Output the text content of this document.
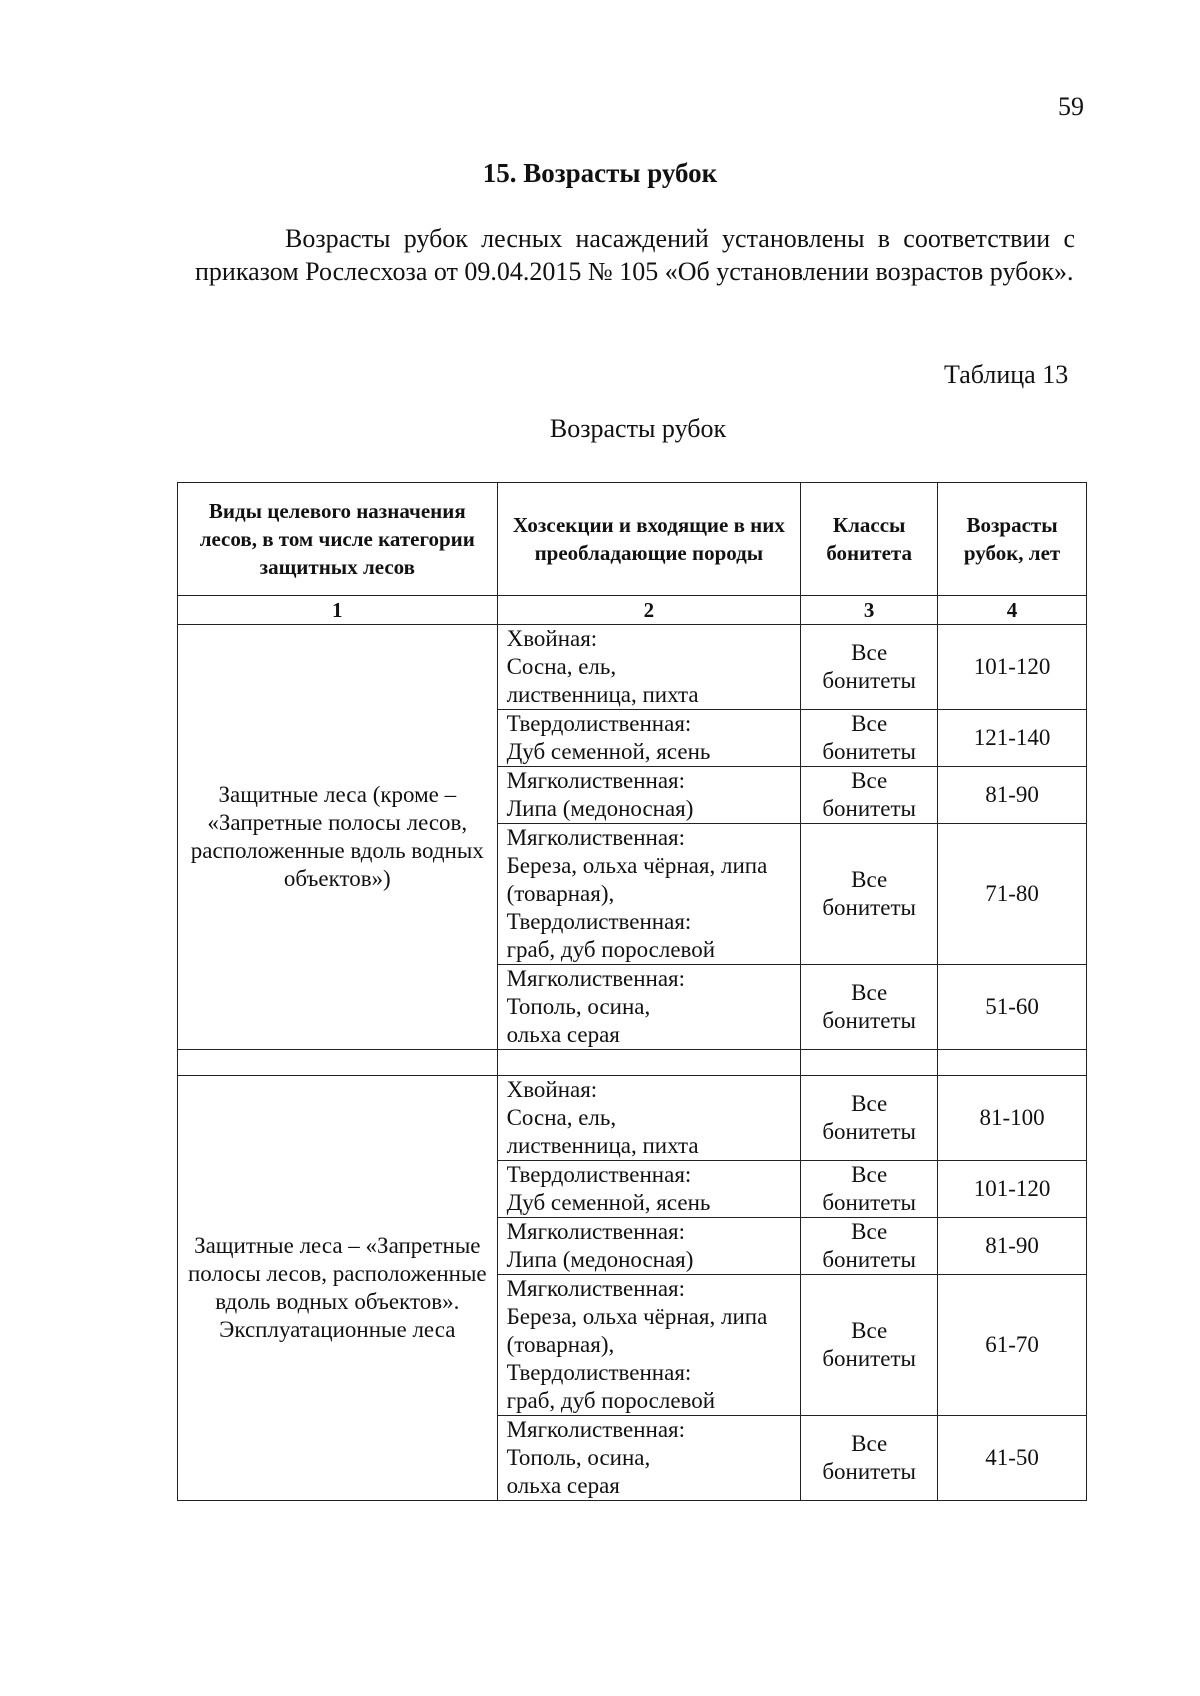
59
15. Возрасты рубок
Возрасты рубок лесных насаждений установлены в соответствии с приказом Рослесхоза от 09.04.2015 № 105 «Об установлении возрастов рубок».
Таблица 13
Возрасты рубок
Виды целевого назначения лесов, в том числе категории защитных лесов	Хозсекции и входящие в них преобладающие породы	Классы бонитета	Возрасты рубок, лет
1	2	3	4
Защитные леса (кроме – «Запретные полосы лесов, расположенные вдоль водных объектов»)	Хвойная:
Сосна, ель,
лиственница, пихта	Все бонитеты	101-120

	Твердолиственная:
Дуб семенной, ясень	Все бонитеты	121-140

	Мягколиственная:
Липа (медоносная)	Все бонитеты	81-90

	Мягколиственная:
Береза, ольха чёрная, липа
(товарная),
Твердолиственная:
граб, дуб порослевой	Все бонитеты	71-80

	Мягколиственная:
Тополь, осина,
ольха серая	Все бонитеты	51-60

Защитные леса – «Запретные полосы лесов, расположенные вдоль водных объектов». Эксплуатационные леса	Хвойная:
Сосна, ель,
лиственница, пихта	Все бонитеты	81-100

	Твердолиственная:
Дуб семенной, ясень	Все бонитеты	101-120

	Мягколиственная:
Липа (медоносная)	Все бонитеты	81-90

	Мягколиственная:
Береза, ольха чёрная, липа
(товарная),
Твердолиственная:
граб, дуб порослевой	Все бонитеты	61-70

	Мягколиственная:
Тополь, осина,
ольха серая	Все бонитеты	41-50
